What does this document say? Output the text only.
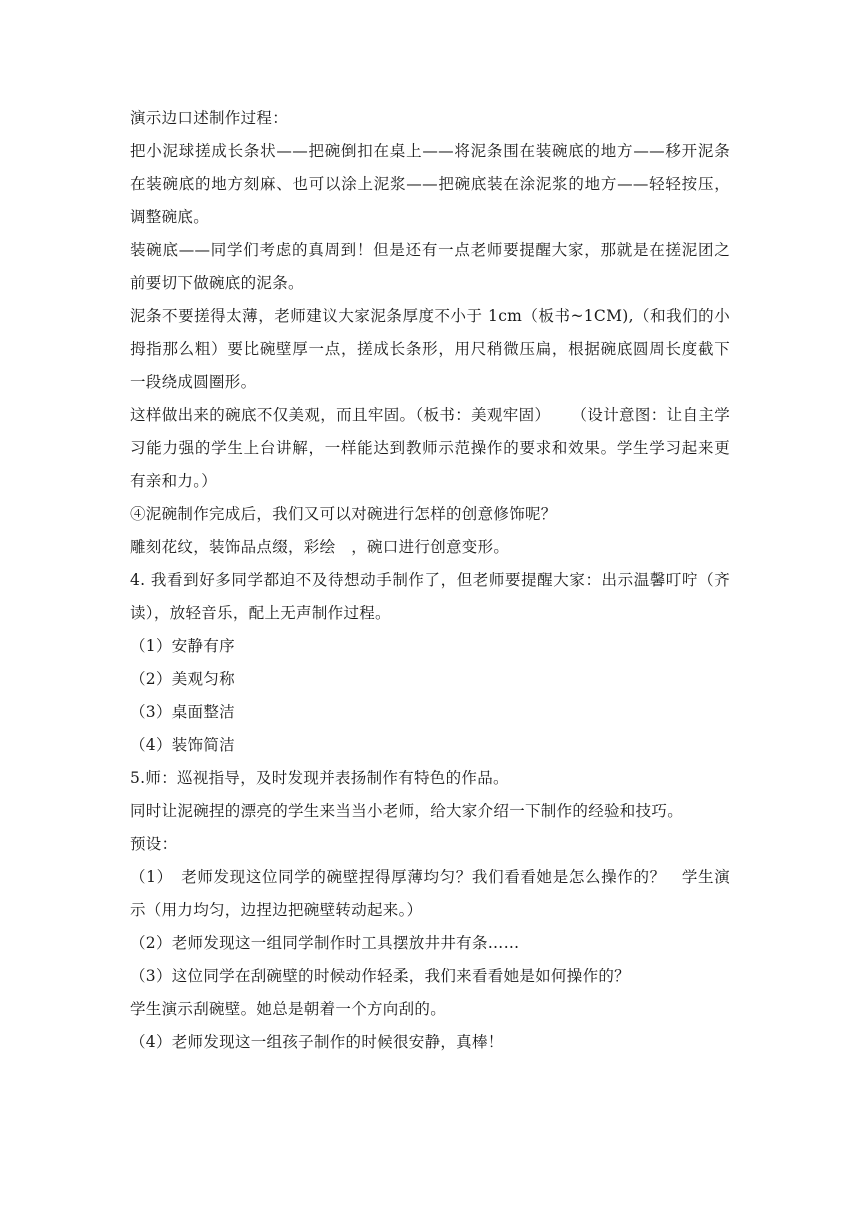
演示边口述制作过程：

把小泥球搓成长条状——把碗倒扣在桌上——将泥条围在装碗底的地方——移开泥条在装碗底的地方刻麻、也可以涂上泥浆——把碗底装在涂泥浆的地方——轻轻按压，调整碗底。

装碗底——同学们考虑的真周到！但是还有一点老师要提醒大家，那就是在搓泥团之前要切下做碗底的泥条。

泥条不要搓得太薄，老师建议大家泥条厚度不小于 1cm（板书~1CM),（和我们的小拇指那么粗）要比碗壁厚一点，搓成长条形，用尺稍微压扁，根据碗底圆周长度截下一段绕成圆圈形。

这样做出来的碗底不仅美观，而且牢固。（板书：美观牢固）    （设计意图：让自主学习能力强的学生上台讲解，一样能达到教师示范操作的要求和效果。学生学习起来更有亲和力。）

④泥碗制作完成后，我们又可以对碗进行怎样的创意修饰呢？

雕刻花纹，装饰品点缀，彩绘　，碗口进行创意变形。

4. 我看到好多同学都迫不及待想动手制作了，但老师要提醒大家：出示温馨叮咛（齐读），放轻音乐，配上无声制作过程。

（1）安静有序

（2）美观匀称

（3）桌面整洁

（4）装饰简洁

5.师：巡视指导，及时发现并表扬制作有特色的作品。

同时让泥碗捏的漂亮的学生来当当小老师，给大家介绍一下制作的经验和技巧。

预设：

（1）　老师发现这位同学的碗壁捏得厚薄均匀？我们看看她是怎么操作的？　学生演示（用力均匀，边捏边把碗壁转动起来。）

（2）老师发现这一组同学制作时工具摆放井井有条……

（3）这位同学在刮碗壁的时候动作轻柔，我们来看看她是如何操作的？

学生演示刮碗壁。她总是朝着一个方向刮的。

（4）老师发现这一组孩子制作的时候很安静，真棒！
